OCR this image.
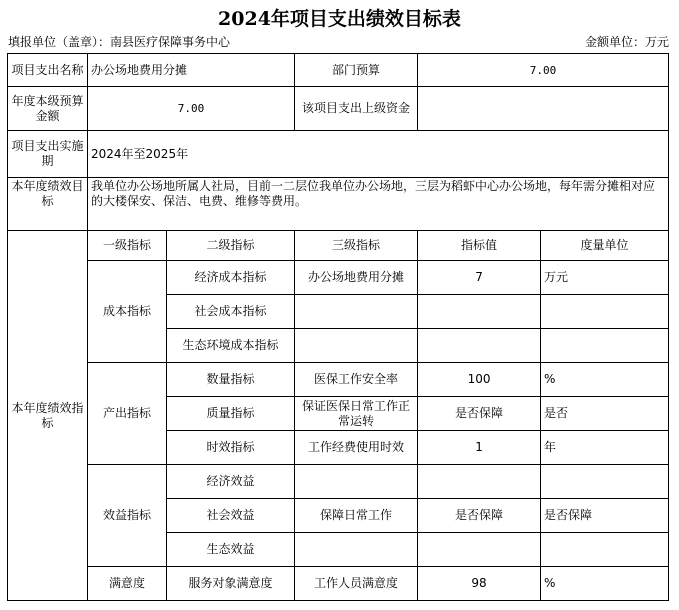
2024年项目支出绩效目标表
填报单位（盖章）：南县医疗保障事务中心	金额单位：万元
项目支出名称	办公场地费用分摊		部门预算	7.00	
年度本级预算金额	7.00		该项目支出上级资金		
项目支出实施期	2024年至2025年				
本年度绩效目标	我单位办公场地所属人社局，目前一二层位我单位办公场地，三层为稻虾中心办公场地，每年需分摊相对应的大楼保安、保洁、电费、维修等费用。				
本年度绩效指标	一级指标	二级指标	三级指标	指标值	度量单位
	成本指标	经济成本指标	办公场地费用分摊	7	万元
		社会成本指标			
		生态环境成本指标			
	产出指标	数量指标	医保工作安全率	100	%
		质量指标	保证医保日常工作正常运转	是否保障	是否
		时效指标	工作经费使用时效	1	年
	效益指标	经济效益			
		社会效益	保障日常工作	是否保障	是否保障
		生态效益			
	满意度	服务对象满意度	工作人员满意度	98	%
